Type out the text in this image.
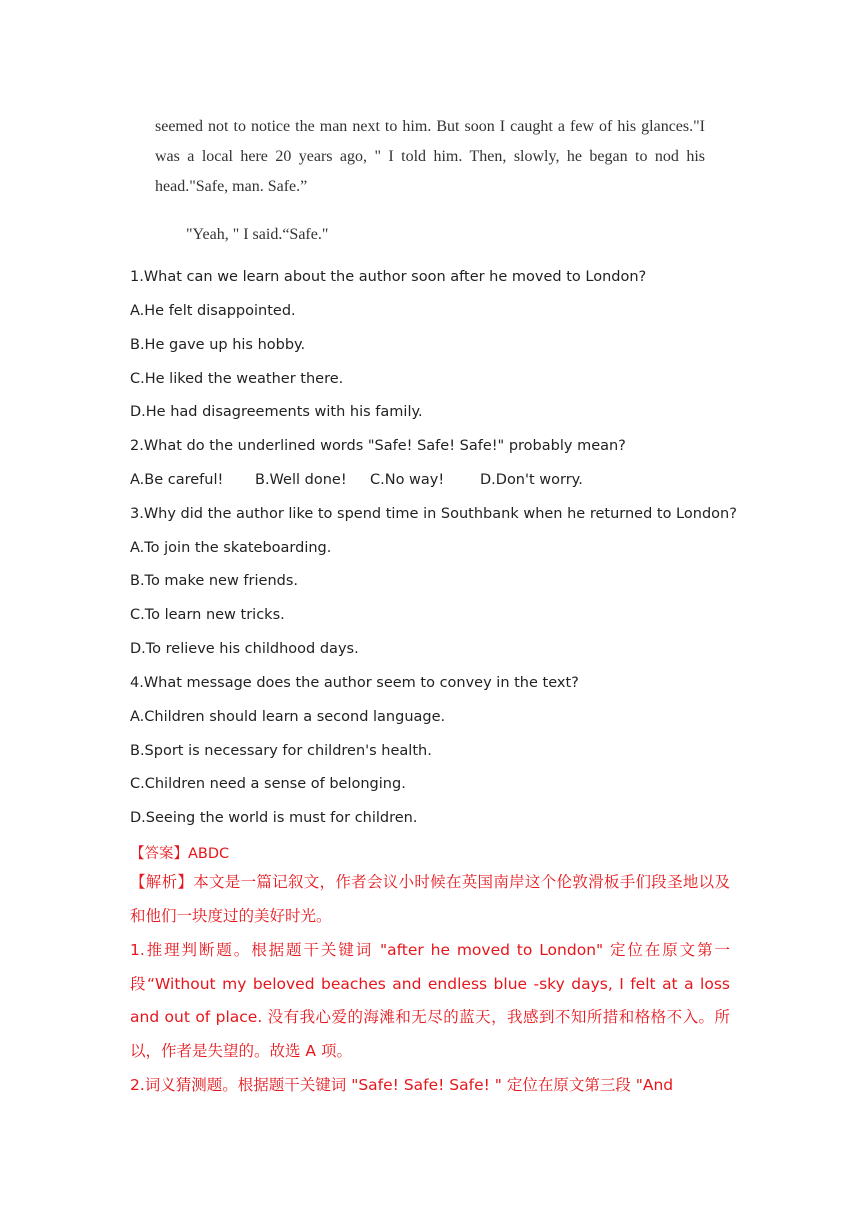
seemed not to notice the man next to him. But soon I caught a few of his glances."I was a local here 20 years ago, " I told him. Then, slowly, he began to nod his head."Safe, man. Safe.”

"Yeah, " I said.“Safe."

1.What can we learn about the author soon after he moved to London?

A.He felt disappointed.

B.He gave up his hobby.

C.He liked the weather there.

D.He had disagreements with his family.

2.What do the underlined words "Safe! Safe! Safe!" probably mean?

A.Be careful!	B.Well done!	C.No way!	D.Don't worry.

3.Why did the author like to spend time in Southbank when he returned to London?

A.To join the skateboarding.

B.To make new friends.

C.To learn new tricks.

D.To relieve his childhood days.

4.What message does the author seem to convey in the text?

A.Children should learn a second language.

B.Sport is necessary for children's health.

C.Children need a sense of belonging.

D.Seeing the world is must for children.

【答案】ABDC

【解析】本文是一篇记叙文，作者会议小时候在英国南岸这个伦敦滑板手们段圣地以及和他们一块度过的美好时光。

1.推理判断题。根据题干关键词 "after he moved to London" 定位在原文第一段“Without my beloved beaches and endless blue -sky days, I felt at a loss and out of place. 没有我心爱的海滩和无尽的蓝天，我感到不知所措和格格不入。所以，作者是失望的。故选 A 项。

2.词义猜测题。根据题干关键词 "Safe! Safe! Safe! " 定位在原文第三段 "And
